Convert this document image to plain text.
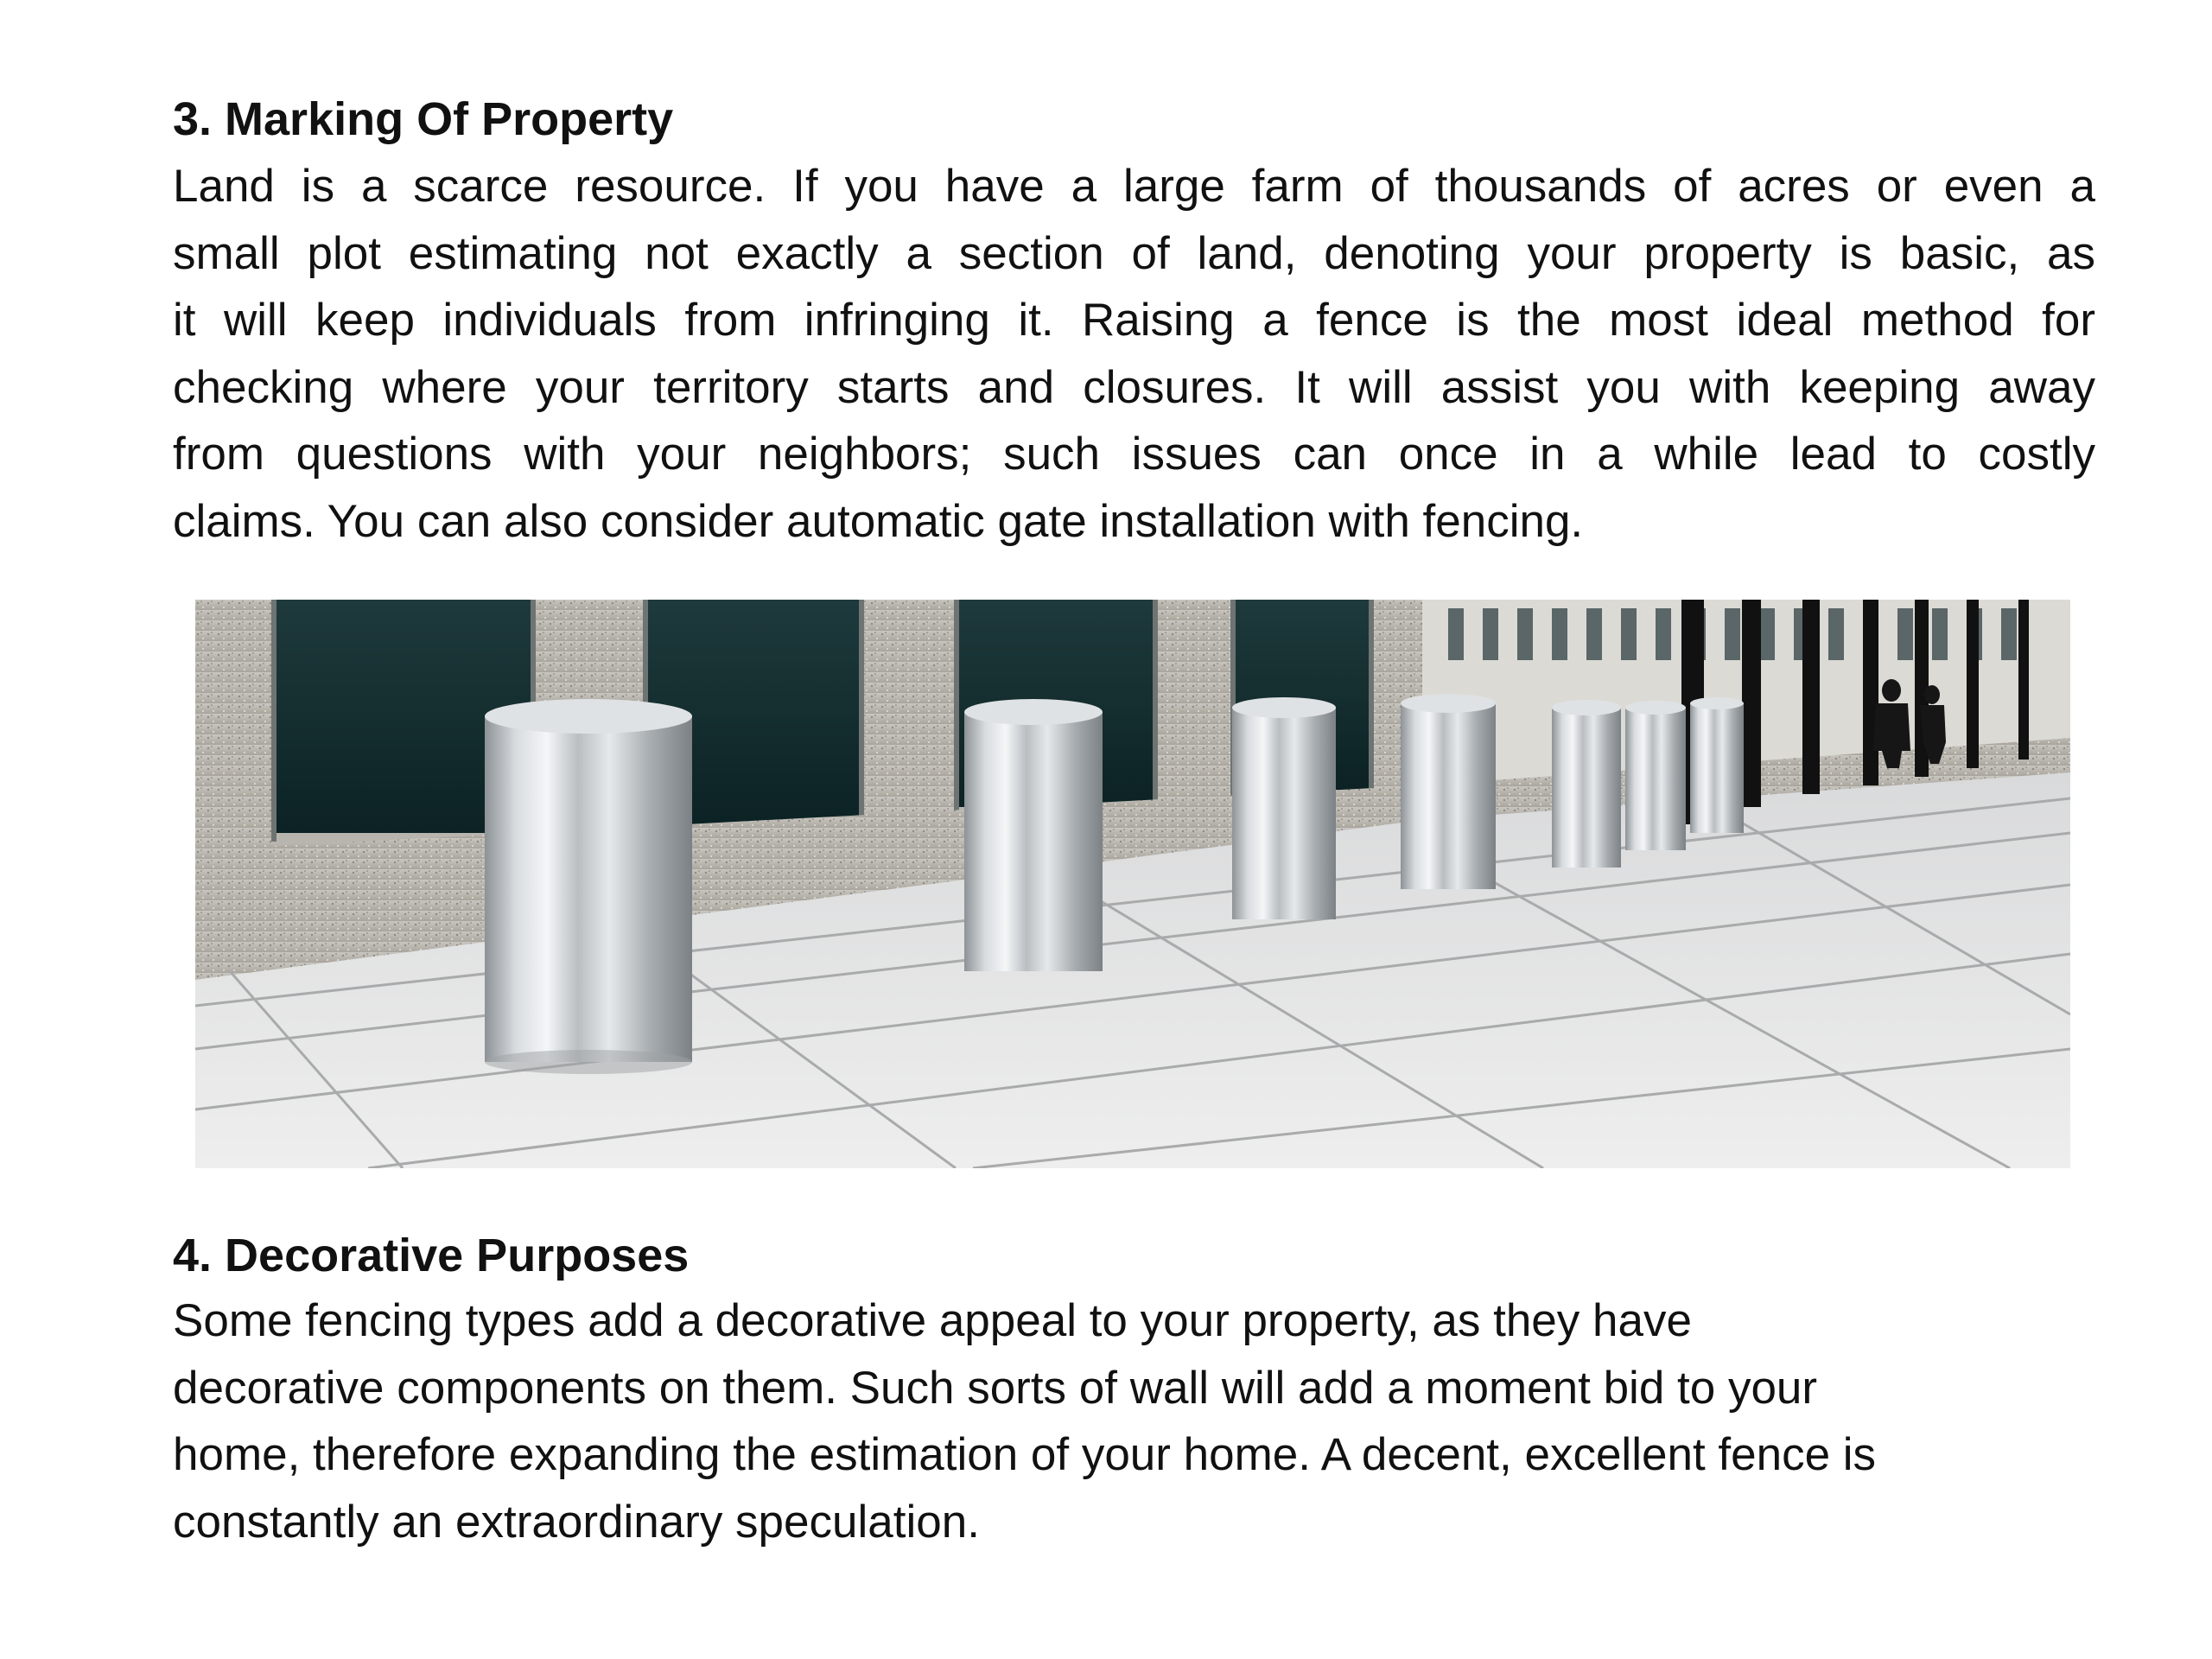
3. Marking Of Property

Land is a scarce resource. If you have a large farm of thousands of acres or even a
small plot estimating not exactly a section of land, denoting your property is basic, as
it will keep individuals from infringing it. Raising a fence is the most ideal method for
checking where your territory starts and closures. It will assist you with keeping away
from questions with your neighbors; such issues can once in a while lead to costly
claims. You can also consider automatic gate installation with fencing.

4. Decorative Purposes

Some fencing types add a decorative appeal to your property, as they have
decorative components on them. Such sorts of wall will add a moment bid to your
home, therefore expanding the estimation of your home. A decent, excellent fence is
constantly an extraordinary speculation.
